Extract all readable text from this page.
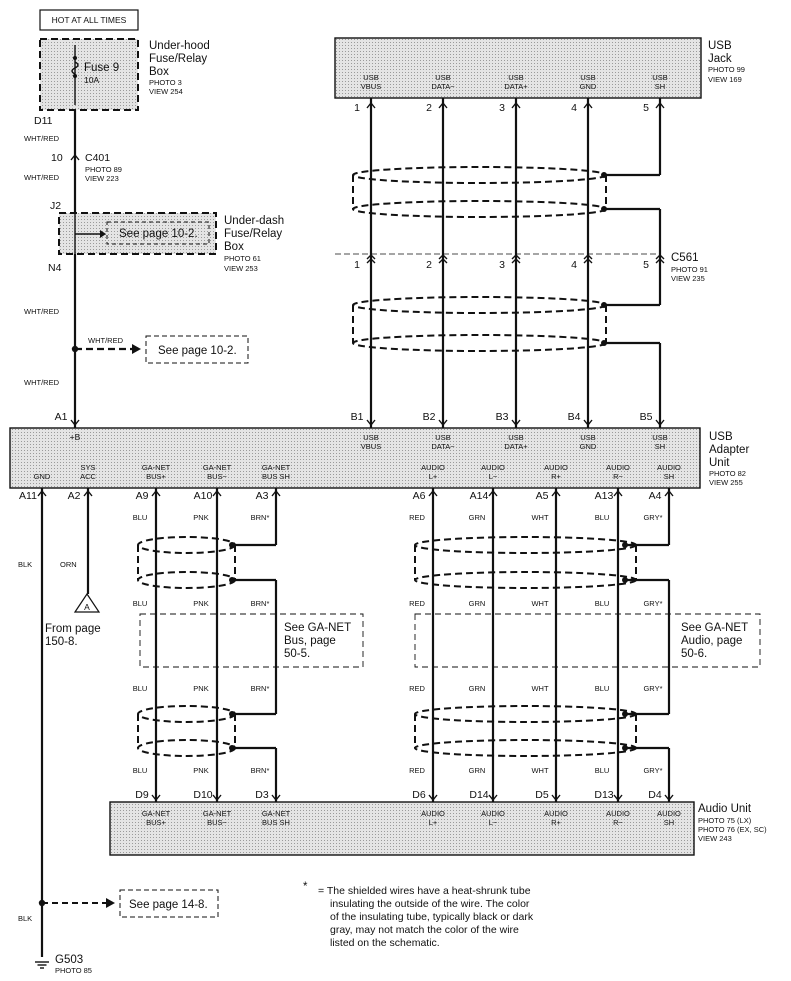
HOT AT ALL TIMES
Fuse 9
10A
Under-hood
Fuse/Relay
Box
PHOTO 3
VIEW 254
D11
WHT/RED
10 C401
PHOTO 89
VIEW 223
WHT/RED
J2
See page 10-2.
Under-dash
Fuse/Relay
Box
PHOTO 61
VIEW 253
N4
WHT/RED
WHT/RED
See page 10-2.
WHT/RED
USB
Jack
PHOTO 99
VIEW 169
USB
VBUS
1
USB
DATA−
2
USB
DATA+
3
USB
GND
4
USB
SH
5
1	2	3	4	5
C561
PHOTO 91
VIEW 235
USB
Adapter
Unit
PHOTO 82
VIEW 255
+B
A1	B1	B2	B3	B4	B5
USB
VBUS
USB
DATA−
USB
DATA+
USB
GND
USB
SH
GND
SYS
ACC
GA-NET
BUS+
GA-NET
BUS−
GA-NET
BUS SH
AUDIO
L+
AUDIO
L−
AUDIO
R+
AUDIO
R−
AUDIO
SH
A11	A2	A9	A10	A3	A6	A14	A5	A13	A4
BLK	ORN
BLU
BLU
BLU
BLU
PNK
PNK
PNK
PNK
BRN*
BRN*
BRN*
BRN*
RED
RED
RED
RED
GRN
GRN
GRN
GRN
WHT
WHT
WHT
WHT
BLU
BLU
BLU
BLU
GRY*
GRY*
GRY*
GRY*
A
From page
150-8.
See GA-NET
Bus, page
50-5.
See GA-NET
Audio, page
50-6.
Audio Unit
PHOTO 75 (LX)
PHOTO 76 (EX, SC)
VIEW 243
D9	D10	D3	D6	D14	D5	D13	D4
GA-NET
BUS+
GA-NET
BUS−
GA-NET
BUS SH
AUDIO
L+
AUDIO
L−
AUDIO
R+
AUDIO
R−
AUDIO
SH
See page 14-8.
BLK
G503
PHOTO 85
* = The shielded wires have a heat-shrunk tube
insulating the outside of the wire. The color
of the insulating tube, typically black or dark
gray, may not match the color of the wire
listed on the schematic.
